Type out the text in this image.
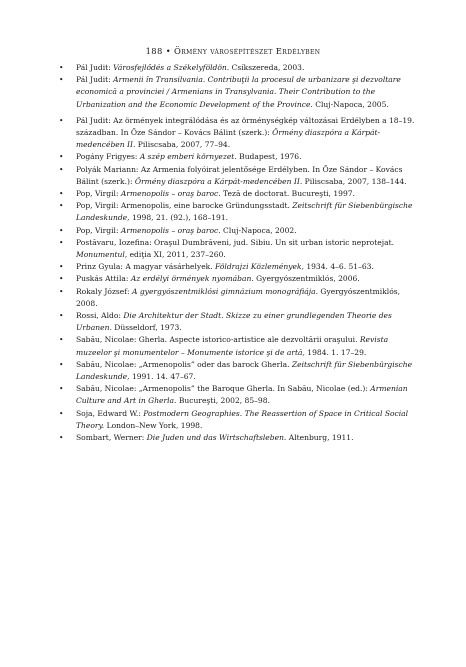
188 • Örmény városépítészet Erdélyben
• Pál Judit: Városfejlődés a Székelyföldön. Csíkszereda, 2003.
• Pál Judit: Armenii în Transilvania. Contribuţii la procesul de urbanizare şi dezvoltare economică a provinciei / Armenians in Transylvania. Their Contribution to the Urbanization and the Economic Development of the Province. Cluj-Napoca, 2005.
• Pál Judit: Az örmények integrálódása és az örménységkép változásai Erdélyben a 18–19. században. In Őze Sándor – Kovács Bálint (szerk.): Örmény diaszpóra a Kárpát-medencében II. Piliscsaba, 2007, 77–94.
• Pogány Frigyes: A szép emberi környezet. Budapest, 1976.
• Polyák Mariann: Az Armenia folyóirat jelentősége Erdélyben. In Őze Sándor – Kovács Bálint (szerk.): Örmény diaszpóra a Kárpát-medencében II. Piliscsaba, 2007, 138–144.
• Pop, Virgil: Armenopolis – oraş baroc. Teză de doctorat. Bucureşti, 1997.
• Pop, Virgil: Armenopolis, eine barocke Gründungsstadt. Zeitschrift für Siebenbürgische Landeskunde, 1998, 21. (92.), 168–191.
• Pop, Virgil: Armenopolis – oraş baroc. Cluj-Napoca, 2002.
• Postăvaru, Iozefina: Oraşul Dumbrăveni, jud. Sibiu. Un sit urban istoric neprotejat. Monumentul, ediţia XI, 2011, 237–260.
• Prinz Gyula: A magyar vásárhelyek. Földrajzi Közlemények, 1934. 4–6. 51–63.
• Puskás Attila: Az erdélyi örmények nyomában. Gyergyószentmiklós, 2006.
• Rokaly József: A gyergyószentmiklósi gimnázium monográfiája. Gyergyószentmiklós, 2008.
• Rossi, Aldo: Die Architektur der Stadt. Skizze zu einer grundlegenden Theorie des Urbanen. Düsseldorf, 1973.
• Sabău, Nicolae: Gherla. Aspecte istorico-artistice ale dezvoltării oraşului. Revista muzeelor şi monumentelor – Monumente istorice şi de artă, 1984. 1. 17–29.
• Sabău, Nicolae: „Armenopolis” oder das barock Gherla. Zeitschrift für Siebenbürgische Landeskunde, 1991. 14. 47–67.
• Sabău, Nicolae: „Armenopolis” the Baroque Gherla. In Sabău, Nicolae (ed.): Armenian Culture and Art in Gherla. Bucureşti, 2002, 85–98.
• Soja, Edward W.: Postmodern Geographies. The Reassertion of Space in Critical Social Theory. London–New York, 1998.
• Sombart, Werner: Die Juden und das Wirtschaftsleben. Altenburg, 1911.
